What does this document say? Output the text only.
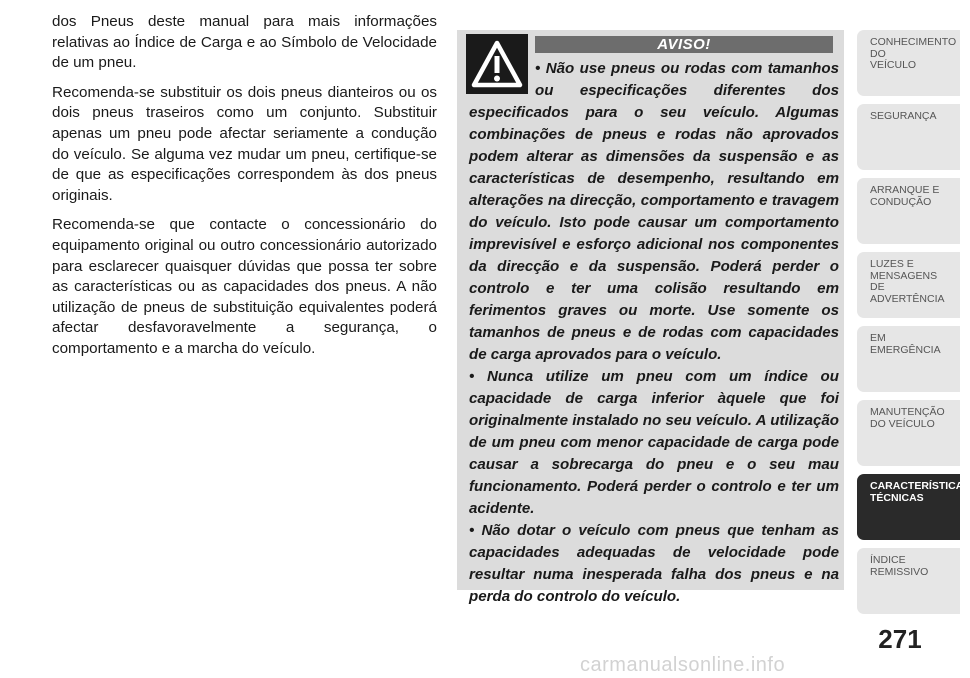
dos Pneus deste manual para mais informações relativas ao Índice de Carga e ao Símbolo de Velocidade de um pneu.

Recomenda-se substituir os dois pneus dianteiros ou os dois pneus traseiros como um conjunto. Substituir apenas um pneu pode afectar seriamente a condução do veículo. Se alguma vez mudar um pneu, certifique-se de que as especificações correspondem às dos pneus originais.

Recomenda-se que contacte o concessionário do equipamento original ou outro concessionário autorizado para esclarecer quaisquer dúvidas que possa ter sobre as características ou as capacidades dos pneus. A não utilização de pneus de substituição equivalentes poderá afectar desfavoravelmente a segurança, o comportamento e a marcha do veículo.

AVISO!

• Não use pneus ou rodas com tamanhos ou especificações diferentes dos especificados para o seu veículo. Algumas combinações de pneus e rodas não aprovados podem alterar as dimensões da suspensão e as características de desempenho, resultando em alterações na direcção, comportamento e travagem do veículo. Isto pode causar um comportamento imprevisível e esforço adicional nos componentes da direcção e da suspensão. Poderá perder o controlo e ter uma colisão resultando em ferimentos graves ou morte. Use somente os tamanhos de pneus e de rodas com capacidades de carga aprovados para o veículo.

• Nunca utilize um pneu com um índice ou capacidade de carga inferior àquele que foi originalmente instalado no seu veículo. A utilização de um pneu com menor capacidade de carga pode causar a sobrecarga do pneu e o seu mau funcionamento. Poderá perder o controlo e ter um acidente.

• Não dotar o veículo com pneus que tenham as capacidades adequadas de velocidade pode resultar numa inesperada falha dos pneus e na perda do controlo do veículo.

CONHECIMENTO
DO
VEÍCULO
SEGURANÇA
ARRANQUE E
CONDUÇÃO
LUZES E
MENSAGENS
DE
ADVERTÊNCIA
EM
EMERGÊNCIA
MANUTENÇÃO
DO VEÍCULO
CARACTERÍSTICAS
TÉCNICAS
ÍNDICE
REMISSIVO
271
carmanualsonline.info
